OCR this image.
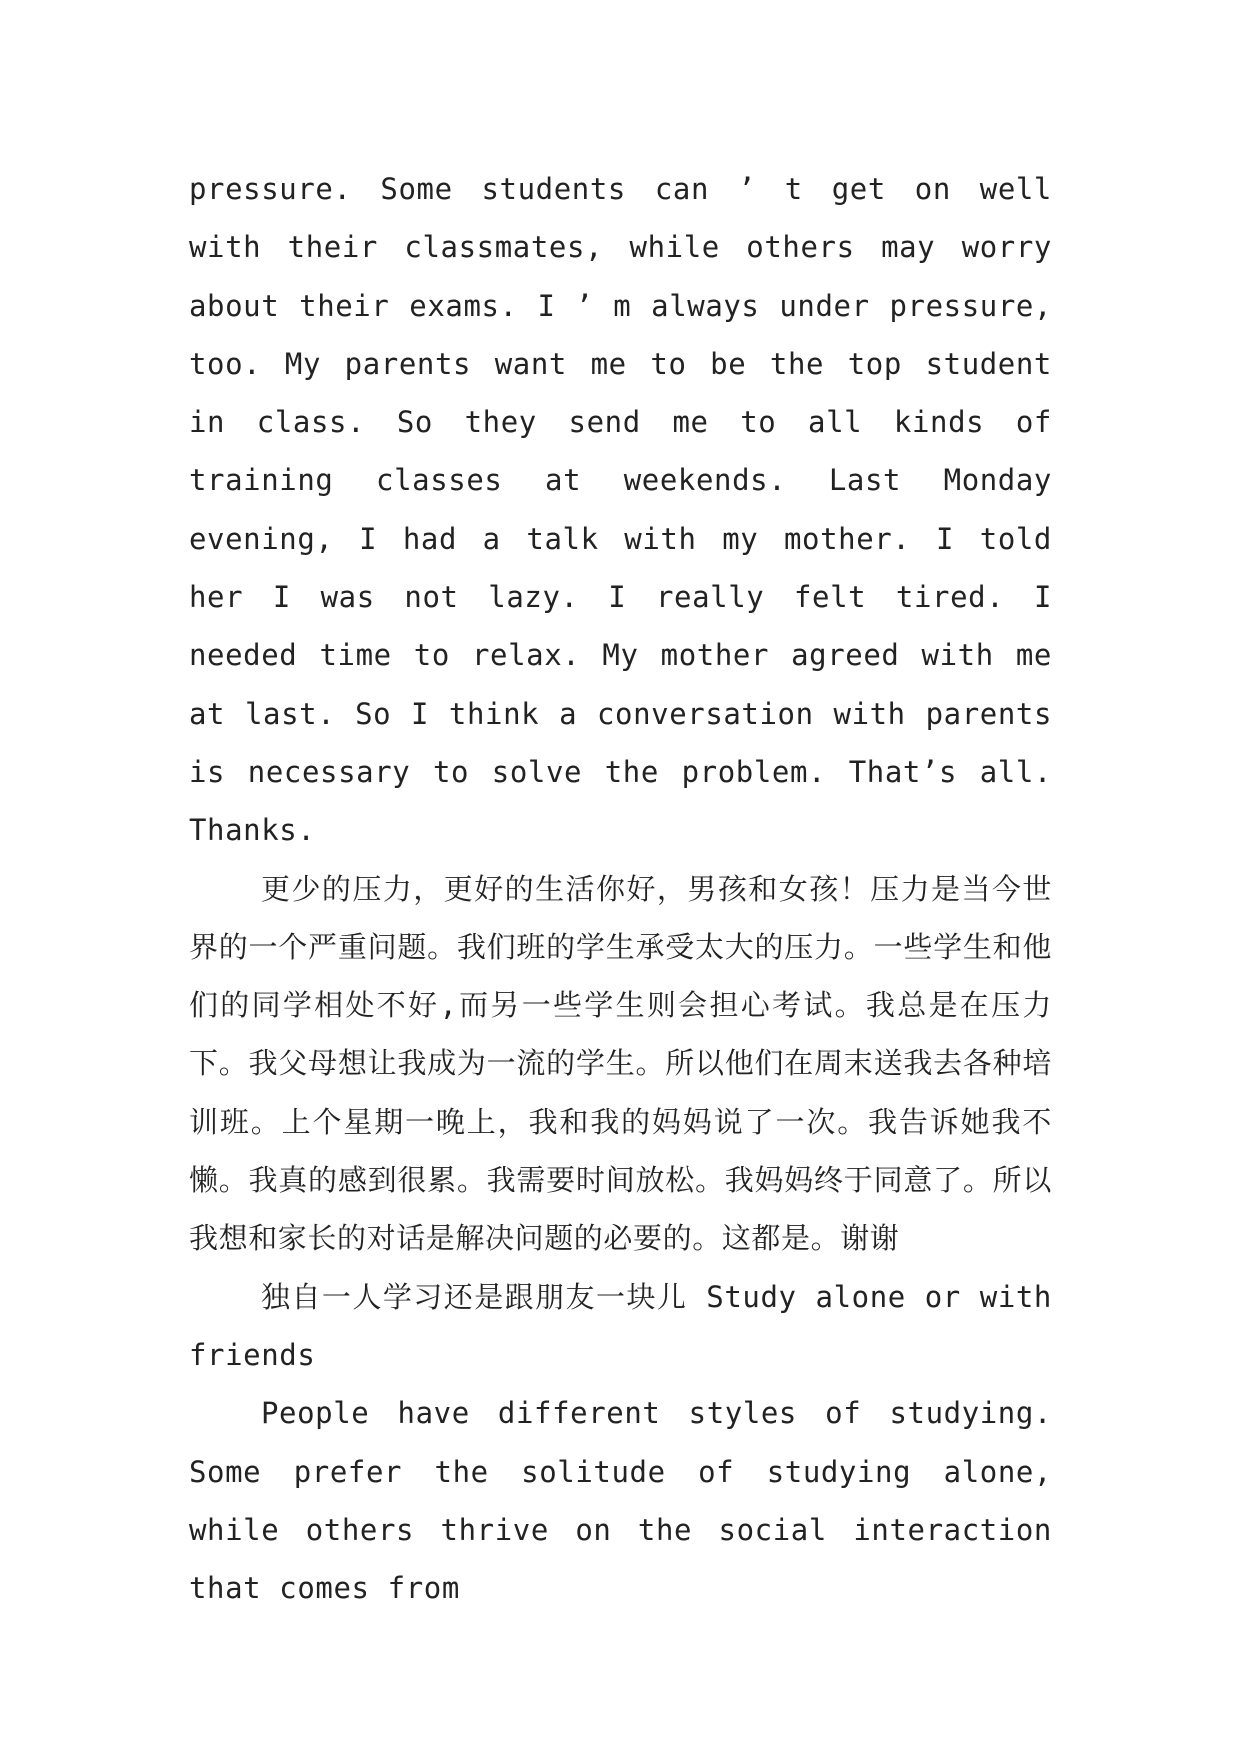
pressure. Some students can ’ t get on well with their classmates, while others may worry about their exams. I ’ m always under pressure, too. My parents want me to be the top student in class. So they send me to all kinds of training classes at weekends. Last Monday evening, I had a talk with my mother. I told her I was not lazy. I really felt tired. I needed time to relax. My mother agreed with me at last. So I think a conversation with parents is necessary to solve the problem. That’s all. Thanks.

更少的压力，更好的生活你好，男孩和女孩！压力是当今世界的一个严重问题。我们班的学生承受太大的压力。一些学生和他们的同学相处不好,而另一些学生则会担心考试。我总是在压力下。我父母想让我成为一流的学生。所以他们在周末送我去各种培训班。上个星期一晚上，我和我的妈妈说了一次。我告诉她我不懒。我真的感到很累。我需要时间放松。我妈妈终于同意了。所以我想和家长的对话是解决问题的必要的。这都是。谢谢

独自一人学习还是跟朋友一块儿 Study alone or with friends

People have different styles of studying. Some prefer the solitude of studying alone, while others thrive on the social interaction that comes from
